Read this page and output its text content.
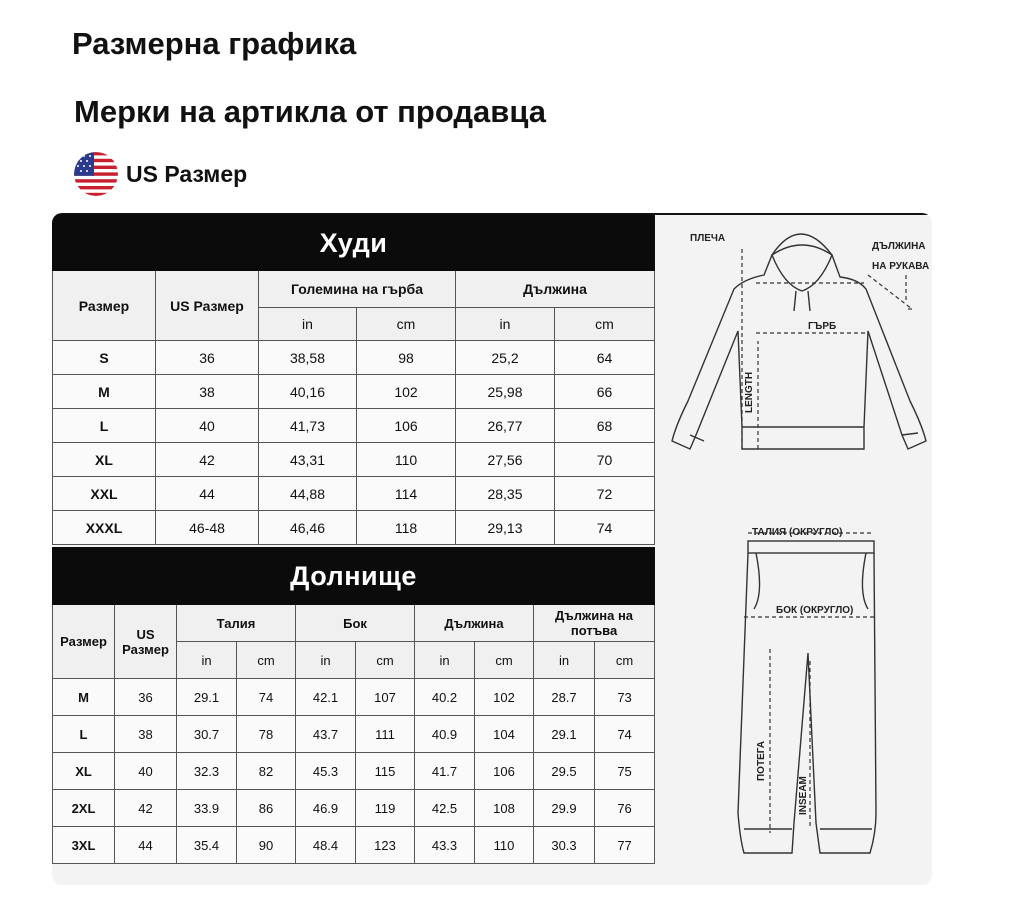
Размерна графика
Мерки на артикла от продавца
US Размер
Худи					
Размер	US Размер	Големина на гърба		Дължина	
		in	cm	in	cm
S	36	38,58	98	25,2	64
M	38	40,16	102	25,98	66
L	40	41,73	106	26,77	68
XL	42	43,31	110	27,56	70
XXL	44	44,88	114	28,35	72
XXXL	46-48	46,46	118	29,13	74
Долнище									
Размер	US Размер	Талия		Бок		Дължина		Дължина на потъва	
		in	cm	in	cm	in	cm	in	cm
M	36	29.1	74	42.1	107	40.2	102	28.7	73
L	38	30.7	78	43.7	111	40.9	104	29.1	74
XL	40	32.3	82	45.3	115	41.7	106	29.5	75
2XL	42	33.9	86	46.9	119	42.5	108	29.9	76
3XL	44	35.4	90	48.4	123	43.3	110	30.3	77
ПЛЕЧА
ДЪЛЖИНА
НА РУКАВА
ГЪРБ
LENGTH
ТАЛИЯ (ОКРУГЛО)
БОК (ОКРУГЛО)
ПОТЕГА
INSEAM
